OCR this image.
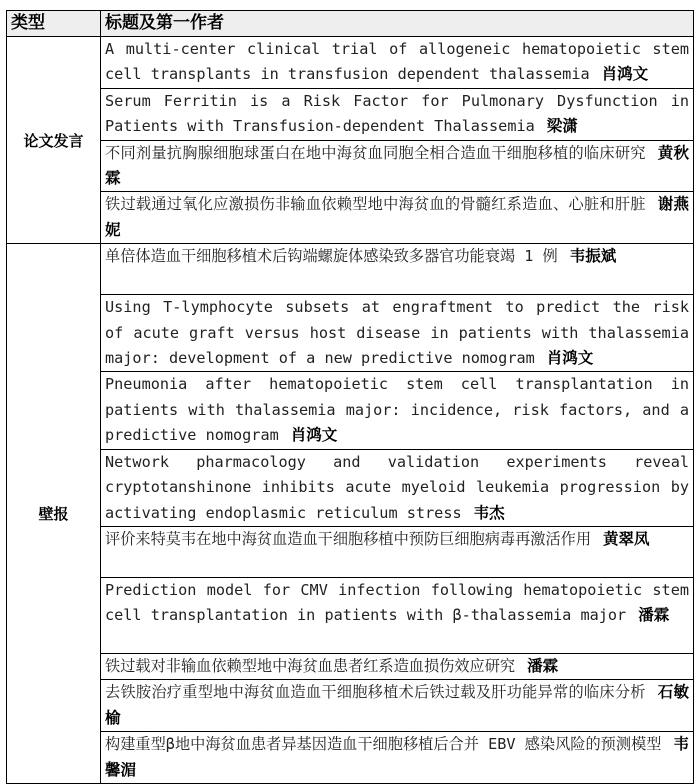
类型	标题及第一作者
论文发言	A multi-center clinical trial of allogeneic hematopoietic stem cell transplants in transfusion dependent thalassemia 肖鸿文
	Serum Ferritin is a Risk Factor for Pulmonary Dysfunction in Patients with Transfusion-dependent Thalassemia 梁潇
	不同剂量抗胸腺细胞球蛋白在地中海贫血同胞全相合造血干细胞移植的临床研究 黄秋霖
	铁过载通过氧化应激损伤非输血依赖型地中海贫血的骨髓红系造血、心脏和肝脏 谢燕妮
壁报	单倍体造血干细胞移植术后钩端螺旋体感染致多器官功能衰竭 1 例 韦振斌
	Using T-lymphocyte subsets at engraftment to predict the risk of acute graft versus host disease in patients with thalassemia major: development of a new predictive nomogram 肖鸿文
	Pneumonia after hematopoietic stem cell transplantation in patients with thalassemia major: incidence, risk factors, and a predictive nomogram 肖鸿文
	Network pharmacology and validation experiments reveal cryptotanshinone inhibits acute myeloid leukemia progression by activating endoplasmic reticulum stress 韦杰
	评价来特莫韦在地中海贫血造血干细胞移植中预防巨细胞病毒再激活作用 黄翠凤
	Prediction model for CMV infection following hematopoietic stem cell transplantation in patients with β-thalassemia major 潘霖
	铁过载对非输血依赖型地中海贫血患者红系造血损伤效应研究 潘霖
	去铁胺治疗重型地中海贫血造血干细胞移植术后铁过载及肝功能异常的临床分析 石敏榆
	构建重型β地中海贫血患者异基因造血干细胞移植后合并 EBV 感染风险的预测模型 韦馨湄
